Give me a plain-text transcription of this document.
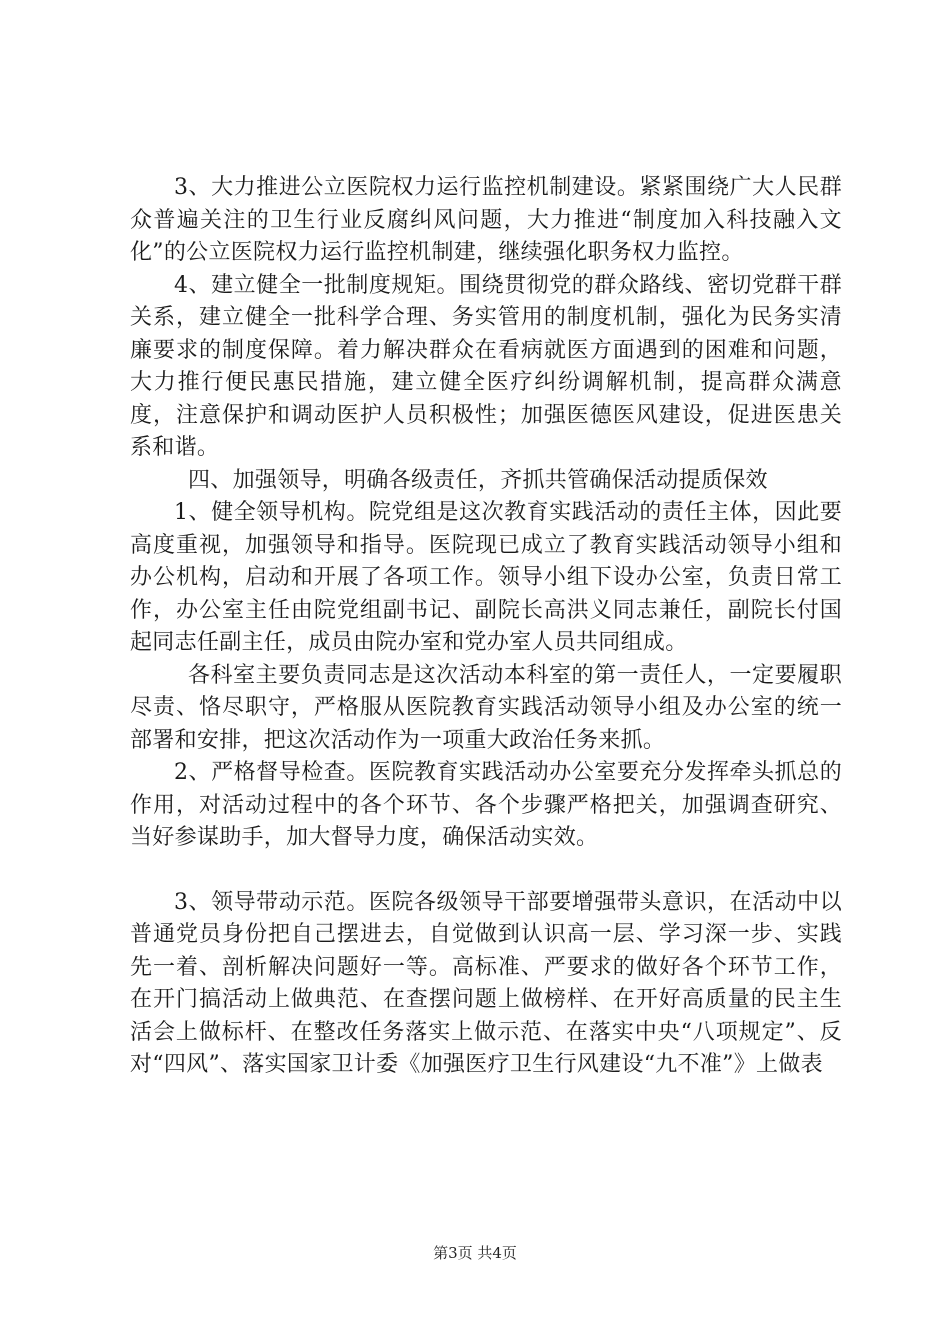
3、大力推进公立医院权力运行监控机制建设。紧紧围绕广大人民群众普遍关注的卫生行业反腐纠风问题，大力推进“制度加入科技融入文化”的公立医院权力运行监控机制建，继续强化职务权力监控。

4、建立健全一批制度规矩。围绕贯彻党的群众路线、密切党群干群关系，建立健全一批科学合理、务实管用的制度机制，强化为民务实清廉要求的制度保障。着力解决群众在看病就医方面遇到的困难和问题，大力推行便民惠民措施，建立健全医疗纠纷调解机制，提高群众满意度，注意保护和调动医护人员积极性；加强医德医风建设，促进医患关系和谐。

四、加强领导，明确各级责任，齐抓共管确保活动提质保效

1、健全领导机构。院党组是这次教育实践活动的责任主体，因此要高度重视，加强领导和指导。医院现已成立了教育实践活动领导小组和办公机构，启动和开展了各项工作。领导小组下设办公室，负责日常工作，办公室主任由院党组副书记、副院长高洪义同志兼任，副院长付国起同志任副主任，成员由院办室和党办室人员共同组成。

各科室主要负责同志是这次活动本科室的第一责任人，一定要履职尽责、恪尽职守，严格服从医院教育实践活动领导小组及办公室的统一部署和安排，把这次活动作为一项重大政治任务来抓。

2、严格督导检查。医院教育实践活动办公室要充分发挥牵头抓总的作用，对活动过程中的各个环节、各个步骤严格把关，加强调查研究、当好参谋助手，加大督导力度，确保活动实效。

3、领导带动示范。医院各级领导干部要增强带头意识，在活动中以普通党员身份把自己摆进去，自觉做到认识高一层、学习深一步、实践先一着、剖析解决问题好一等。高标准、严要求的做好各个环节工作，在开门搞活动上做典范、在查摆问题上做榜样、在开好高质量的民主生活会上做标杆、在整改任务落实上做示范、在落实中央“八项规定”、反对“四风”、落实国家卫计委《加强医疗卫生行风建设“九不准”》上做表

第3页 共4页
